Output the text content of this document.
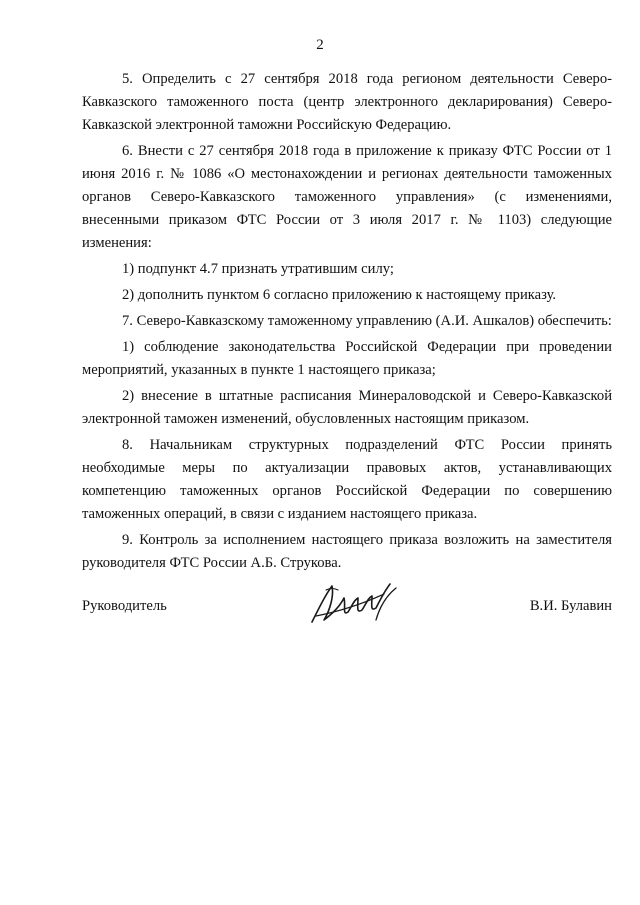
2

5. Определить с 27 сентября 2018 года регионом деятельности Северо-Кавказского таможенного поста (центр электронного декларирования) Северо-Кавказской электронной таможни Российскую Федерацию.

6. Внести с 27 сентября 2018 года в приложение к приказу ФТС России от 1 июня 2016 г. № 1086 «О местонахождении и регионах деятельности таможенных органов Северо-Кавказского таможенного управления» (с изменениями, внесенными приказом ФТС России от 3 июля 2017 г. № 1103) следующие изменения:

1) подпункт 4.7 признать утратившим силу;

2) дополнить пунктом 6 согласно приложению к настоящему приказу.

7. Северо-Кавказскому таможенному управлению (А.И. Ашкалов) обеспечить:

1) соблюдение законодательства Российской Федерации при проведении мероприятий, указанных в пункте 1 настоящего приказа;

2) внесение в штатные расписания Минераловодской и Северо-Кавказской электронной таможен изменений, обусловленных настоящим приказом.

8. Начальникам структурных подразделений ФТС России принять необходимые меры по актуализации правовых актов, устанавливающих компетенцию таможенных органов Российской Федерации по совершению таможенных операций, в связи с изданием настоящего приказа.

9. Контроль за исполнением настоящего приказа возложить на заместителя руководителя ФТС России А.Б. Струкова.

Руководитель	В.И. Булавин
